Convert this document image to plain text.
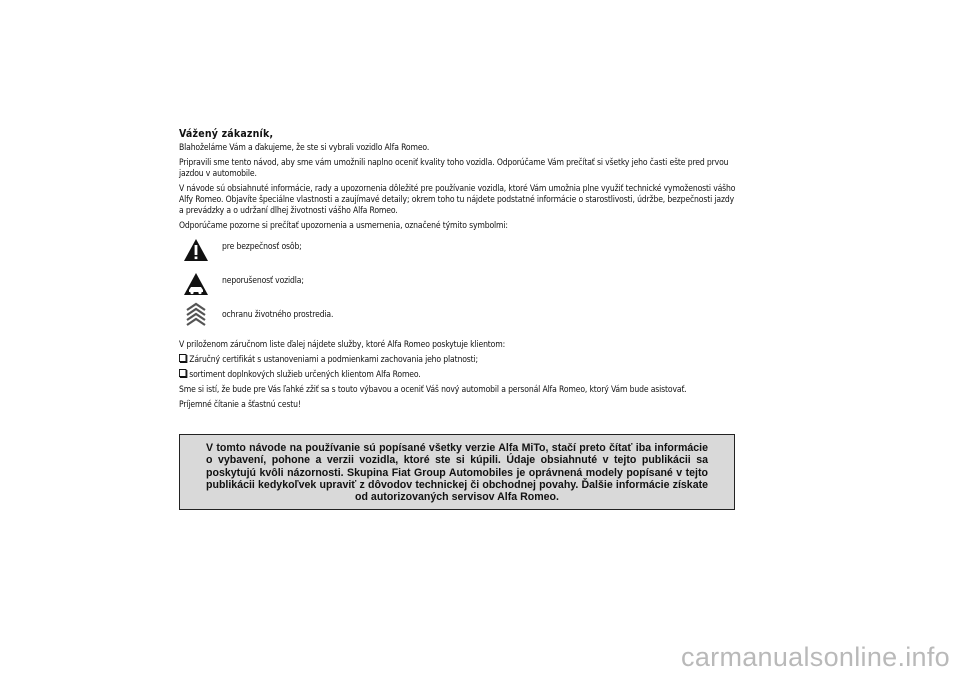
Vážený zákazník,
Blahoželáme Vám a ďakujeme, že ste si vybrali vozidlo Alfa Romeo.
Pripravili sme tento návod, aby sme vám umožnili naplno oceniť kvality toho vozidla. Odporúčame Vám prečítať si všetky jeho časti ešte pred prvou jazdou v automobile.
V návode sú obsiahnuté informácie, rady a upozornenia dôležité pre používanie vozidla, ktoré Vám umožnia plne využiť technické vymoženosti vášho Alfy Romeo. Objavíte špeciálne vlastnosti a zaujímavé detaily; okrem toho tu nájdete podstatné informácie o starostlivosti, údržbe, bezpečnosti jazdy a prevádzky a o udržaní dlhej životnosti vášho Alfa Romeo.
Odporúčame pozorne si prečítať upozornenia a usmernenia, označené týmito symbolmi:
pre bezpečnosť osôb;
neporušenosť vozidla;
ochranu životného prostredia.
V priloženom záručnom liste ďalej nájdete služby, ktoré Alfa Romeo poskytuje klientom:
Záručný certifikát s ustanoveniami a podmienkami zachovania jeho platnosti;
sortiment doplnkových služieb určených klientom Alfa Romeo.
Sme si istí, že bude pre Vás ľahké zžiť sa s touto výbavou a oceniť Váš nový automobil a personál Alfa Romeo, ktorý Vám bude asistovať.
Príjemné čítanie a šťastnú cestu!

V tomto návode na používanie sú popísané všetky verzie Alfa MiTo, stačí preto čítať iba informácie o vybavení, pohone a verzii vozidla, ktoré ste si kúpili. Údaje obsiahnuté v tejto publikácii sa poskytujú kvôli názornosti. Skupina Fiat Group Automobiles je oprávnená modely popísané v tejto publikácii kedykoľvek upraviť z dôvodov technickej či obchodnej povahy. Ďalšie informácie získate od autorizovaných servisov Alfa Romeo.

carmanualsonline.info
